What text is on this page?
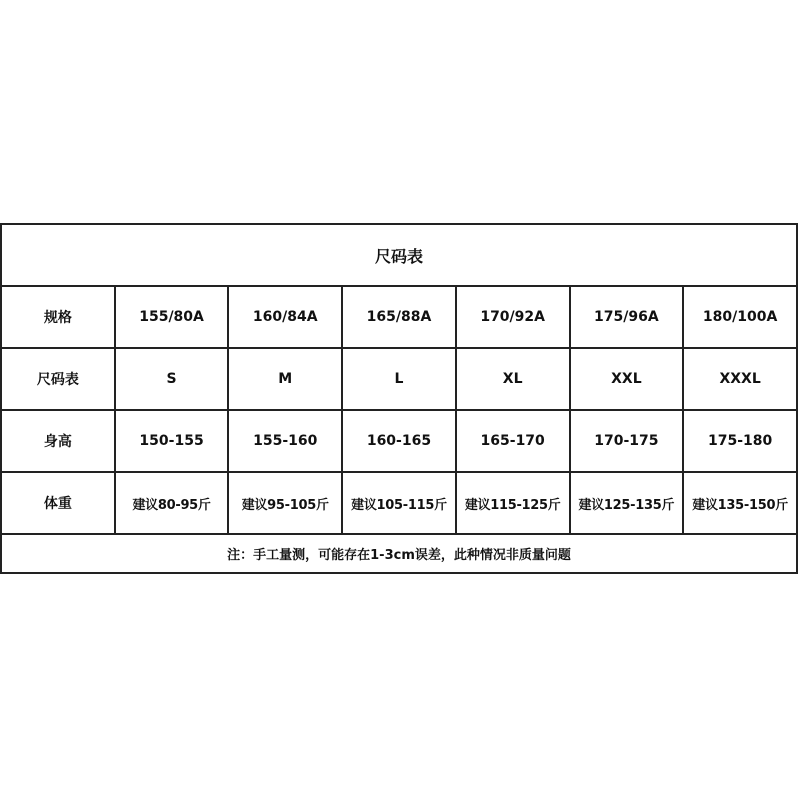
尺码表						
规格	155/80A	160/84A	165/88A	170/92A	175/96A	180/100A
尺码表	S	M	L	XL	XXL	XXXL
身高	150-155	155-160	160-165	165-170	170-175	175-180
体重	建议80-95斤	建议95-105斤	建议105-115斤	建议115-125斤	建议125-135斤	建议135-150斤
注：手工量测，可能存在1-3cm误差，此种情况非质量问题						
